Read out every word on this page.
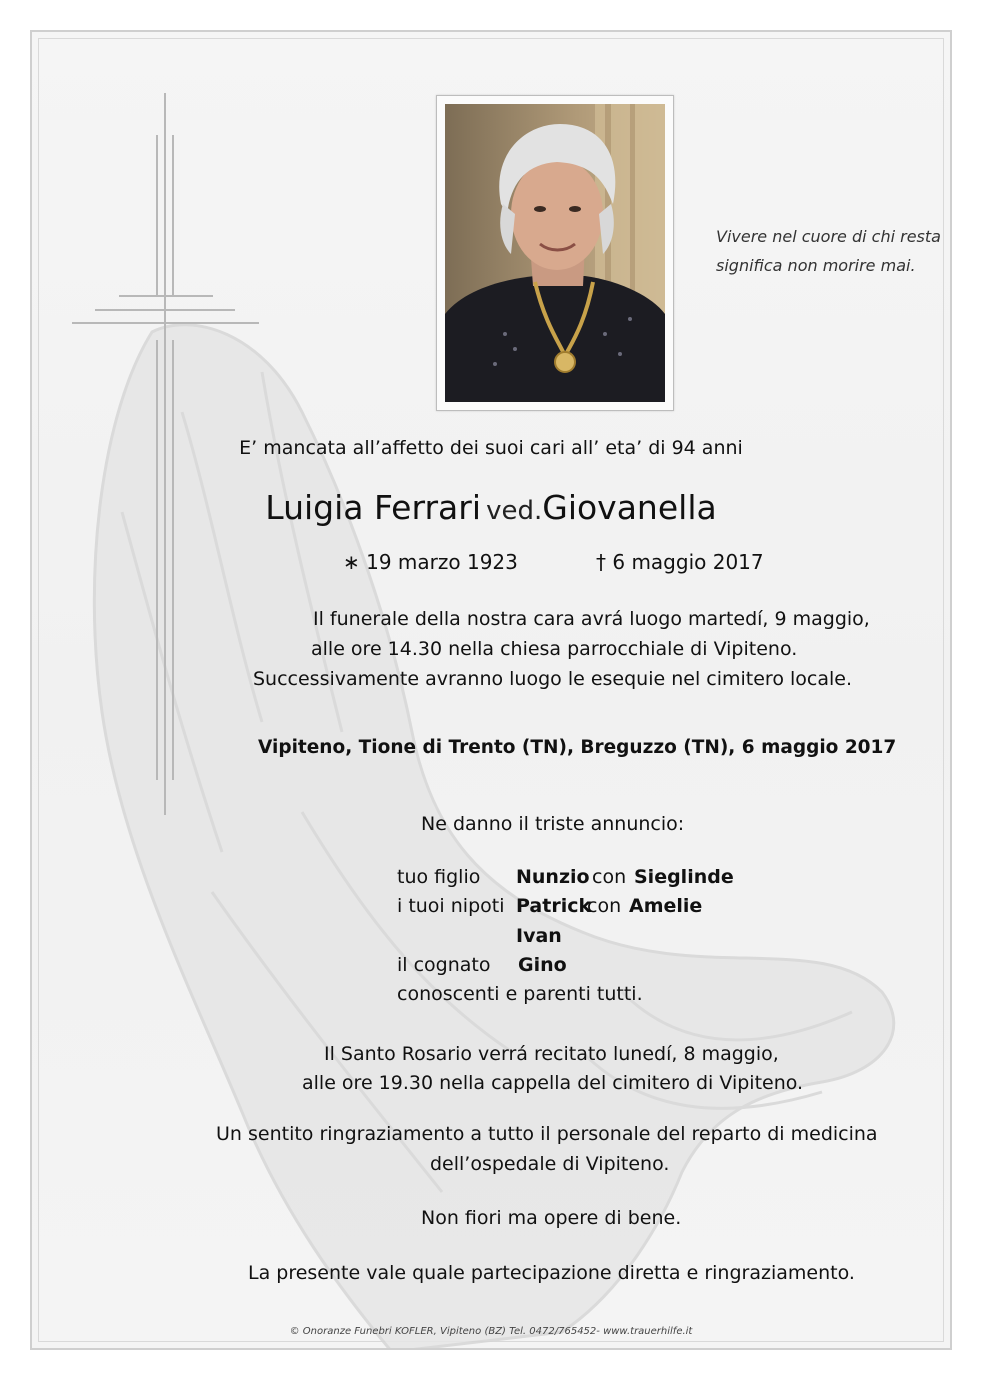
Vivere nel cuore di chi resta
significa non morire mai.
E’ mancata all’affetto dei suoi cari all’ eta’ di 94 anni
Luigia Ferrari ved.Giovanella
∗ 19 marzo 1923	† 6 maggio 2017
Il funerale della nostra cara avrá luogo martedí, 9 maggio,
alle ore 14.30 nella chiesa parrocchiale di Vipiteno.
Successivamente avranno luogo le esequie nel cimitero locale.
Vipiteno, Tione di Trento (TN), Breguzzo (TN), 6 maggio 2017
Ne danno il triste annuncio:
tuo figlio Nunzio con Sieglinde
i tuoi nipoti Patrick
con Amelie
Ivan
il cognato Gino
conoscenti e parenti tutti.
Il Santo Rosario verrá recitato lunedí, 8 maggio,
alle ore 19.30 nella cappella del cimitero di Vipiteno.
Un sentito ringraziamento a tutto il personale del reparto di medicina
dell’ospedale di Vipiteno.
Non fiori ma opere di bene.
La presente vale quale partecipazione diretta e ringraziamento.
© Onoranze Funebri KOFLER, Vipiteno (BZ) Tel. 0472/765452- www.trauerhilfe.it
